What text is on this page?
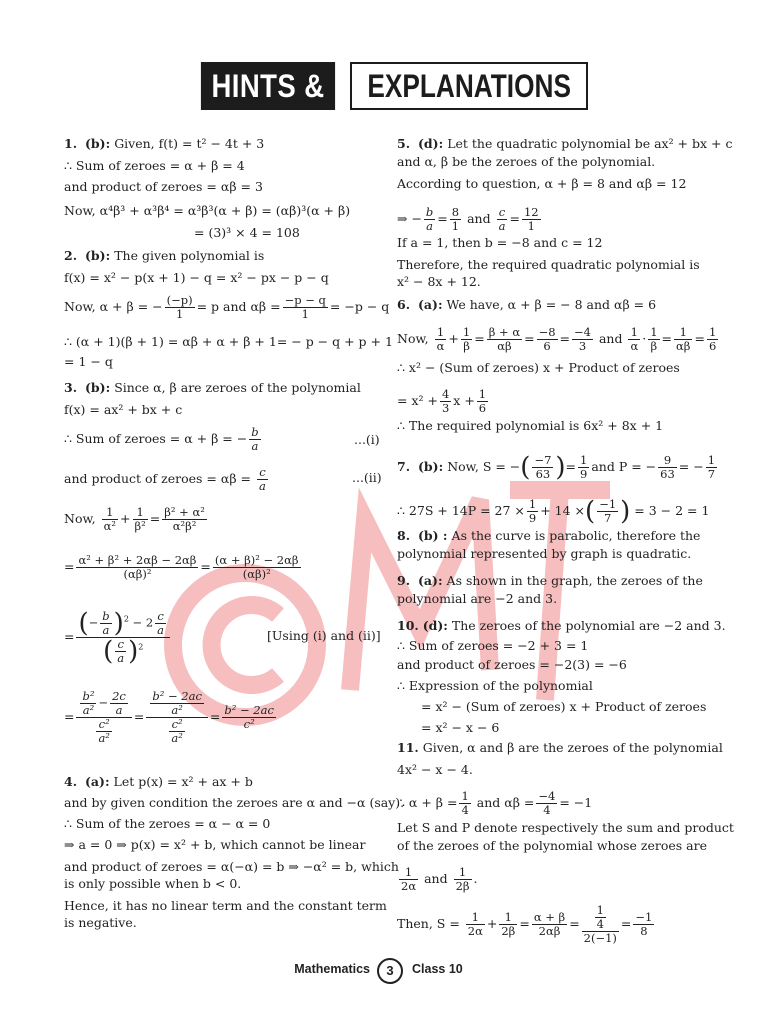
HINTS &	EXPLANATIONS
1. (b): Given, f(t) = t² − 4t + 3
∴ Sum of zeroes = α + β = 4
and product of zeroes = αβ = 3
Now, α⁴β³ + α³β⁴ = α³β³(α + β) = (αβ)³(α + β)
= (3)³ × 4 = 108
2. (b): The given polynomial is
f(x) = x² − p(x + 1) − q = x² − px − p − q
Now, α + β = − $\frac{(-p)}{1} = p$ and $\alpha\beta = \frac{-p - q}{1} = -p - q$
∴ (α + 1)(β + 1) = αβ + α + β + 1= − p − q + p + 1
= 1 − q
3. (b): Since α, β are zeroes of the polynomial
f(x) = ax² + bx + c
∴ Sum of zeroes = α + β = − $\frac{b}{a}$	...(i)
and product of zeroes = $\alpha\beta = \frac{c}{a}$	...(ii)
Now, $\frac{1}{\text{α²}} + \frac{1}{\text{β²}} = \frac{\text{β² + α²}}{\text{α²β²}}$
= $\frac{\text{α² + β² + 2αβ − 2αβ}}{\text{(αβ)²}} = \frac{\text{(α + β)² − 2αβ}}{\text{(αβ)²}}$
= $\frac{(- \frac{b}{a} )^2 - 2 \frac{c}{a}}{( \frac{c}{a} )^2}$	[Using (i) and (ii)]
= $\frac{\frac{\text{b²}}{\text{a²}} - \frac{2c}{a}}{\frac{\text{c²}}{\text{a²}}} = \frac{\frac{\text{b² − 2ac}}{\text{a²}}}{\frac{\text{c²}}{\text{a²}}} = \frac{\text{b² − 2ac}}{\text{c²}}$
4. (a): Let p(x) = x² + ax + b
and by given condition the zeroes are α and −α (say).
∴ Sum of the zeroes = α − α = 0
⇒ a = 0 ⇒ p(x) = x² + b, which cannot be linear
and product of zeroes = α(−α) = b ⇒ −α² = b, which
is only possible when b < 0.
Hence, it has no linear term and the constant term
is negative.
5. (d): Let the quadratic polynomial be ax² + bx + c
and α, β be the zeroes of the polynomial.
According to question, α + β = 8 and αβ = 12
⇒ − $\frac{b}{a} = \frac{8}{1}$ and $\frac{c}{a} = \frac{12}{1}$
If a = 1, then b = −8 and c = 12
Therefore, the required quadratic polynomial is
x² − 8x + 12.
6. (a): We have, α + β = − 8 and αβ = 6
Now, $\frac{1}{\alpha} + \frac{1}{\beta} = \frac{\beta + \alpha}{\alpha\beta} = \frac{-8}{6} = \frac{-4}{3}$ and $\frac{1}{\alpha} \cdot \frac{1}{\beta} = \frac{1}{\alpha\beta} = \frac{1}{6}$
∴ x² − (Sum of zeroes) x + Product of zeroes
= $x^2 + \frac{4}{3}$ $x + \frac{1}{6}$
∴ The required polynomial is 6x² + 8x + 1
7. (b): Now, S = −( $\frac{-7}{63}$ )= $\frac{1}{9}$ and P = − $\frac{9}{63}$ = − $\frac{1}{7}$
∴ $27S + 14P = 27 \times \frac{1}{9} + 14$ ×( $\frac{-1}{7}$ ) = 3 − 2 = 1
8. (b) : As the curve is parabolic, therefore the
polynomial represented by graph is quadratic.
9. (a): As shown in the graph, the zeroes of the
polynomial are −2 and 3.
10. (d): The zeroes of the polynomial are −2 and 3.
∴ Sum of zeroes = −2 + 3 = 1
and product of zeroes = −2(3) = −6
∴ Expression of the polynomial
= x² − (Sum of zeroes) x + Product of zeroes
= x² − x − 6
11. Given, α and β are the zeroes of the polynomial
4x² − x − 4.
∴ $\alpha + \beta = \frac{1}{4}$ and $\alpha\beta = \frac{-4}{4} = -1$
Let S and P denote respectively the sum and product
of the zeroes of the polynomial whose zeroes are
$\frac{1}{2\alpha}$ and $\frac{1}{2\beta}$ .
Then, $S = \frac{1}{2\alpha} + \frac{1}{2\beta} = \frac{\alpha + \beta}{2\alpha\beta} = \frac{\frac{1}{4}}{2(-1)} = \frac{-1}{8}$
Mathematics	3	Class 10
